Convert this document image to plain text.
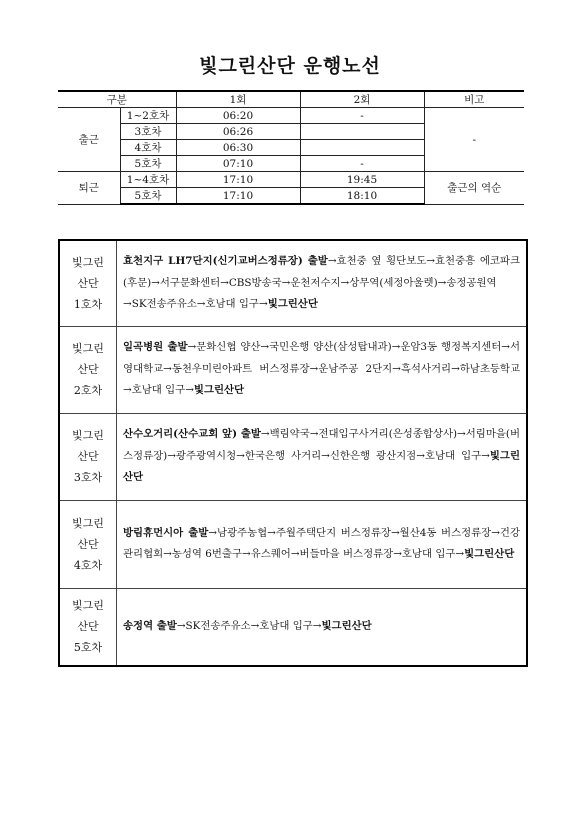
빛그린산단 운행노선
구분		1회	2회	비고
출근	1~2호차	06:20	-	-
	3호차	06:26		
	4호차	06:30		
	5호차	07:10	-	
퇴근	1~4호차	17:10	19:45	출근의 역순
	5호차	17:10	18:10	
빛그린
산단
1호차	효천지구 LH7단지(신기교버스정류장) 출발→효천중 옆 횡단보도→효천중흥 에코파크(후문)→서구문화센터→CBS방송국→운천저수지→상무역(세정아울렛)→송정공원역→SK전송주유소→호남대 입구→빛그린산단

빛그린
산단
2호차	일곡병원 출발→문화신협 양산→국민은행 양산(삼성탑내과)→운암3동 행정복지센터→서영대학교→동천우미린아파트 버스정류장→운남주공 2단지→흑석사거리→하남초등학교→호남대 입구→빛그린산단

빛그린
산단
3호차	산수오거리(산수교회 앞) 출발→백림약국→전대입구사거리(은성종합상사)→서림마을(버스정류장)→광주광역시청→한국은행 사거리→신한은행 광산지점→호남대 입구→빛그린산단

빛그린
산단
4호차	방림휴먼시아 출발→남광주농협→주월주택단지 버스정류장→월산4동 버스정류장→건강관리협회→농성역 6번출구→유스퀘어→버들마을 버스정류장→호남대 입구→빛그린산단

빛그린
산단
5호차	송정역 출발→SK전송주유소→호남대 입구→빛그린산단
